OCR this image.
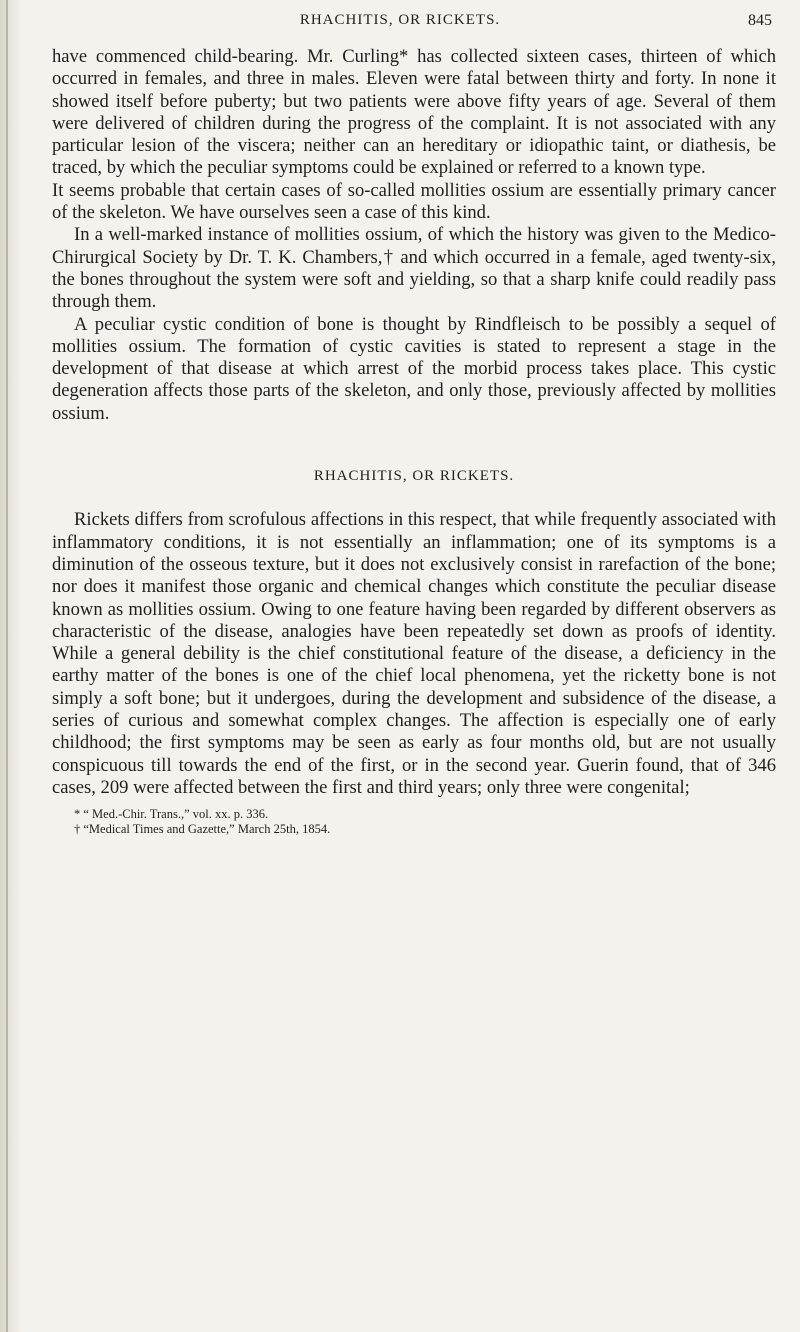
RHACHITIS, OR RICKETS.	845

have commenced child-bearing. Mr. Curling* has collected sixteen cases, thirteen of which occurred in females, and three in males. Eleven were fatal between thirty and forty. In none it showed itself before puberty; but two patients were above fifty years of age. Several of them were delivered of children during the progress of the complaint. It is not associated with any particular lesion of the viscera; neither can an hereditary or idiopathic taint, or diathesis, be traced, by which the peculiar symptoms could be explained or referred to a known type.

It seems probable that certain cases of so-called mollities ossium are essentially primary cancer of the skeleton. We have ourselves seen a case of this kind.

In a well-marked instance of mollities ossium, of which the history was given to the Medico-Chirurgical Society by Dr. T. K. Chambers,† and which occurred in a female, aged twenty-six, the bones throughout the system were soft and yielding, so that a sharp knife could readily pass through them.

A peculiar cystic condition of bone is thought by Rindfleisch to be possibly a sequel of mollities ossium. The formation of cystic cavities is stated to represent a stage in the development of that disease at which arrest of the morbid process takes place. This cystic degeneration affects those parts of the skeleton, and only those, previously affected by mollities ossium.

RHACHITIS, OR RICKETS.

Rickets differs from scrofulous affections in this respect, that while frequently associated with inflammatory conditions, it is not essentially an inflammation; one of its symptoms is a diminution of the osseous texture, but it does not exclusively consist in rarefaction of the bone; nor does it manifest those organic and chemical changes which constitute the peculiar disease known as mollities ossium. Owing to one feature having been regarded by different observers as characteristic of the disease, analogies have been repeatedly set down as proofs of identity. While a general debility is the chief constitutional feature of the disease, a deficiency in the earthy matter of the bones is one of the chief local phenomena, yet the ricketty bone is not simply a soft bone; but it undergoes, during the development and subsidence of the disease, a series of curious and somewhat complex changes. The affection is especially one of early childhood; the first symptoms may be seen as early as four months old, but are not usually conspicuous till towards the end of the first, or in the second year. Guerin found, that of 346 cases, 209 were affected between the first and third years; only three were congenital;

* “ Med.-Chir. Trans.,” vol. xx. p. 336.
† “Medical Times and Gazette,” March 25th, 1854.
